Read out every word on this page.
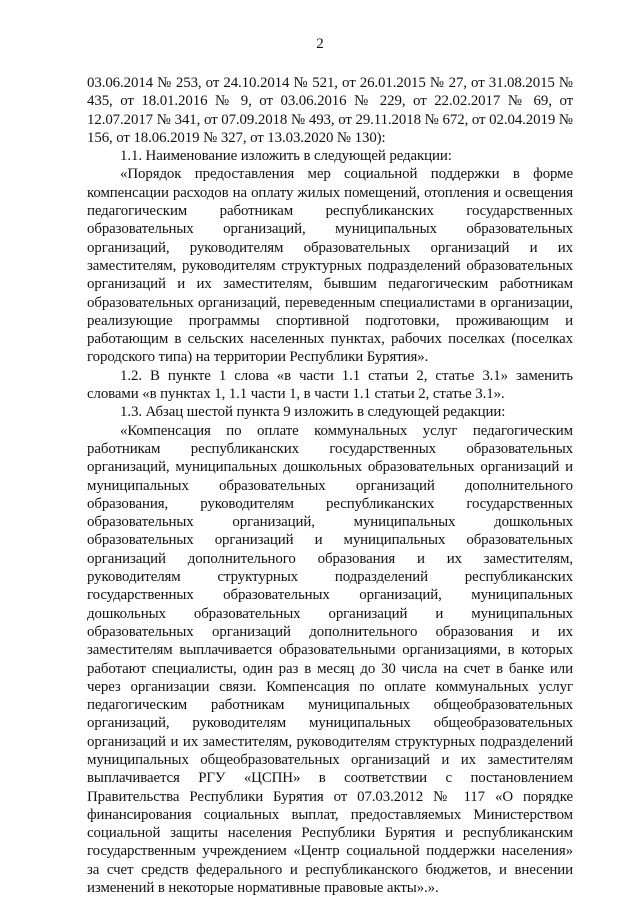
2

03.06.2014 № 253, от 24.10.2014 № 521, от 26.01.2015 № 27, от 31.08.2015 № 435, от 18.01.2016 № 9, от 03.06.2016 № 229, от 22.02.2017 № 69, от 12.07.2017 № 341, от 07.09.2018 № 493, от 29.11.2018 № 672, от 02.04.2019 № 156, от 18.06.2019 № 327, от 13.03.2020 № 130):

1.1. Наименование изложить в следующей редакции:

«Порядок предоставления мер социальной поддержки в форме компенсации расходов на оплату жилых помещений, отопления и освещения педагогическим работникам республиканских государственных образовательных организаций, муниципальных образовательных организаций, руководителям образовательных организаций и их заместителям, руководителям структурных подразделений образовательных организаций и их заместителям, бывшим педагогическим работникам образовательных организаций, переведенным специалистами в организации, реализующие программы спортивной подготовки, проживающим и работающим в сельских населенных пунктах, рабочих поселках (поселках городского типа) на территории Республики Бурятия».

1.2. В пункте 1 слова «в части 1.1 статьи 2, статье 3.1» заменить словами «в пунктах 1, 1.1 части 1, в части 1.1 статьи 2, статье 3.1».

1.3. Абзац шестой пункта 9 изложить в следующей редакции:

«Компенсация по оплате коммунальных услуг педагогическим работникам республиканских государственных образовательных организаций, муниципальных дошкольных образовательных организаций и муниципальных образовательных организаций дополнительного образования, руководителям республиканских государственных образовательных организаций, муниципальных дошкольных образовательных организаций и муниципальных образовательных организаций дополнительного образования и их заместителям, руководителям структурных подразделений республиканских государственных образовательных организаций, муниципальных дошкольных образовательных организаций и муниципальных образовательных организаций дополнительного образования и их заместителям выплачивается образовательными организациями, в которых работают специалисты, один раз в месяц до 30 числа на счет в банке или через организации связи. Компенсация по оплате коммунальных услуг педагогическим работникам муниципальных общеобразовательных организаций, руководителям муниципальных общеобразовательных организаций и их заместителям, руководителям структурных подразделений муниципальных общеобразовательных организаций и их заместителям выплачивается РГУ «ЦСПН» в соответствии с постановлением Правительства Республики Бурятия от 07.03.2012 № 117 «О порядке финансирования социальных выплат, предоставляемых Министерством социальной защиты населения Республики Бурятия и республиканским государственным учреждением «Центр социальной поддержки населения» за счет средств федерального и республиканского бюджетов, и внесении изменений в некоторые нормативные правовые акты».».
